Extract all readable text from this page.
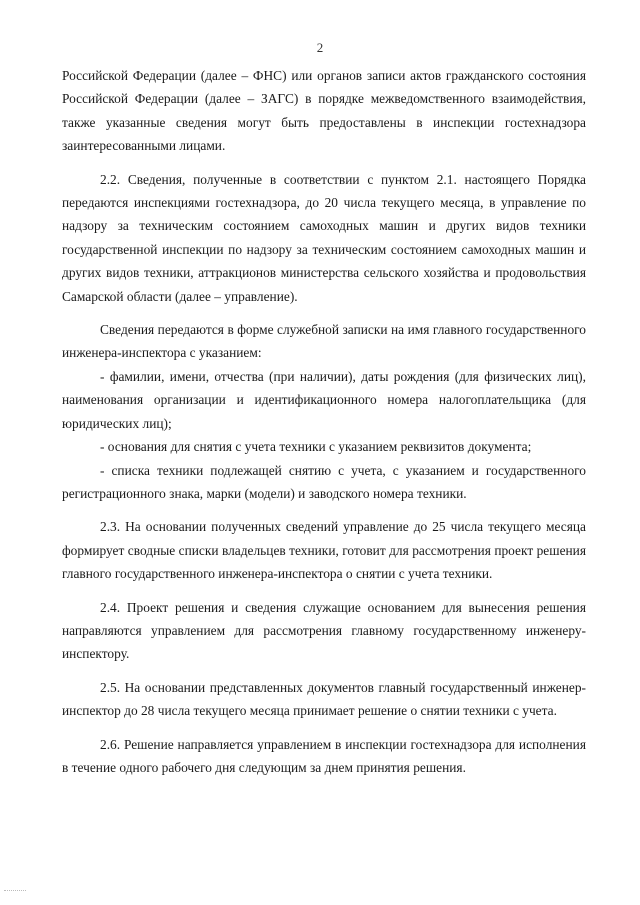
2

Российской Федерации (далее – ФНС) или органов записи актов гражданского состояния Российской Федерации (далее – ЗАГС) в порядке межведомственного взаимодействия, также указанные сведения могут быть предоставлены в инспекции гостехнадзора заинтересованными лицами.

2.2. Сведения, полученные в соответствии с пунктом 2.1. настоящего Порядка передаются инспекциями гостехнадзора, до 20 числа текущего месяца, в управление по надзору за техническим состоянием самоходных машин и других видов техники государственной инспекции по надзору за техническим состоянием самоходных машин и других видов техники, аттракционов министерства сельского хозяйства и продовольствия Самарской области (далее – управление).

Сведения передаются в форме служебной записки на имя главного государственного инженера-инспектора с указанием:

- фамилии, имени, отчества (при наличии), даты рождения (для физических лиц), наименования организации и идентификационного номера налогоплательщика (для юридических лиц);

- основания для снятия с учета техники с указанием реквизитов документа;

- списка техники подлежащей снятию с учета, с указанием и государственного регистрационного знака, марки (модели) и заводского номера техники.

2.3. На основании полученных сведений управление до 25 числа текущего месяца формирует сводные списки владельцев техники, готовит для рассмотрения проект решения главного государственного инженера-инспектора о снятии с учета техники.

2.4. Проект решения и сведения служащие основанием для вынесения решения направляются управлением для рассмотрения главному государственному инженеру-инспектору.

2.5. На основании представленных документов главный государственный инженер-инспектор до 28 числа текущего месяца принимает решение о снятии техники с учета.

2.6. Решение направляется управлением в инспекции гостехнадзора для исполнения в течение одного рабочего дня следующим за днем принятия решения.
